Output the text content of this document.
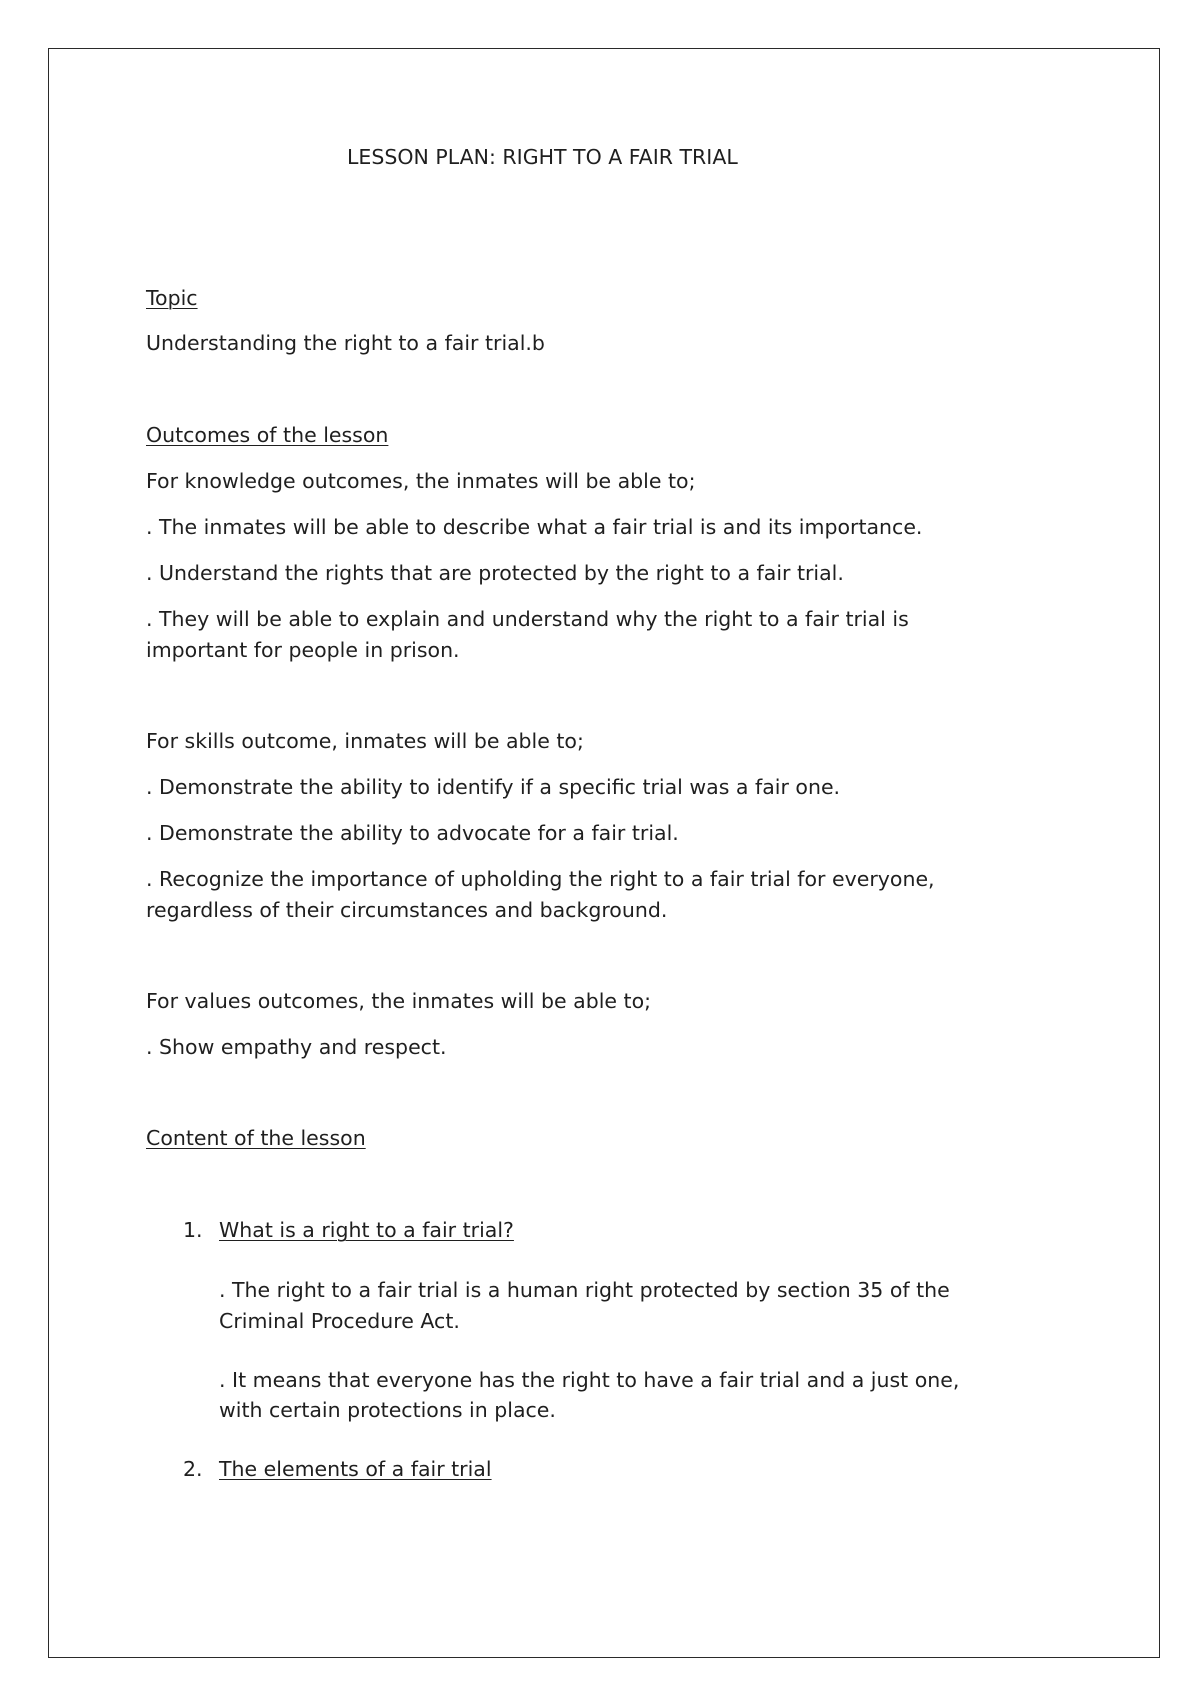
LESSON PLAN: RIGHT TO A FAIR TRIAL
Topic
Understanding the right to a fair trial.b
Outcomes of the lesson
For knowledge outcomes, the inmates will be able to;
. The inmates will be able to describe what a fair trial is and its importance.
. Understand the rights that are protected by the right to a fair trial.
. They will be able to explain and understand why the right to a fair trial is
important for people in prison.
For skills outcome, inmates will be able to;
. Demonstrate the ability to identify if a specific trial was a fair one.
. Demonstrate the ability to advocate for a fair trial.
. Recognize the importance of upholding the right to a fair trial for everyone,
regardless of their circumstances and background.
For values outcomes, the inmates will be able to;
. Show empathy and respect.
Content of the lesson
1. What is a right to a fair trial?
. The right to a fair trial is a human right protected by section 35 of the
Criminal Procedure Act.
. It means that everyone has the right to have a fair trial and a just one,
with certain protections in place.
2. The elements of a fair trial
